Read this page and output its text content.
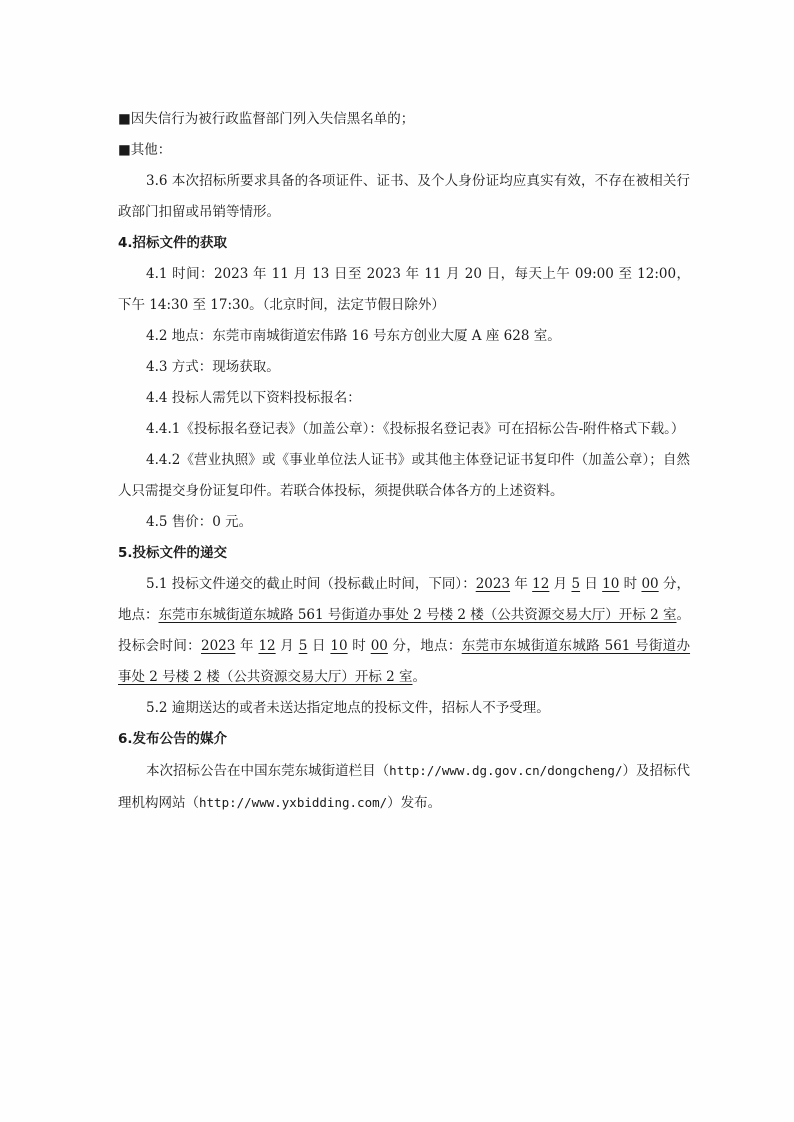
■因失信行为被行政监督部门列入失信黑名单的；

■其他：

3.6 本次招标所要求具备的各项证件、证书、及个人身份证均应真实有效，不存在被相关行政部门扣留或吊销等情形。

4.招标文件的获取

4.1 时间：2023 年 11 月 13 日至 2023 年 11 月 20 日，每天上午 09:00 至 12:00，下午 14:30 至 17:30。（北京时间，法定节假日除外）

4.2 地点：东莞市南城街道宏伟路 16 号东方创业大厦 A 座 628 室。

4.3 方式：现场获取。

4.4 投标人需凭以下资料投标报名：

4.4.1《投标报名登记表》（加盖公章）：《投标报名登记表》可在招标公告-附件格式下载。）

4.4.2《营业执照》或《事业单位法人证书》或其他主体登记证书复印件（加盖公章）；自然人只需提交身份证复印件。若联合体投标，须提供联合体各方的上述资料。

4.5 售价：0 元。

5.投标文件的递交

5.1 投标文件递交的截止时间（投标截止时间，下同）：2023 年 12 月 5 日 10 时 00 分，地点：东莞市东城街道东城路 561 号街道办事处 2 号楼 2 楼（公共资源交易大厅）开标 2 室。投标会时间：2023 年 12 月 5 日 10 时 00 分，地点：东莞市东城街道东城路 561 号街道办事处 2 号楼 2 楼（公共资源交易大厅）开标 2 室。

5.2 逾期送达的或者未送达指定地点的投标文件，招标人不予受理。

6.发布公告的媒介

本次招标公告在中国东莞东城街道栏目（http://www.dg.gov.cn/dongcheng/）及招标代理机构网站（http://www.yxbidding.com/）发布。
